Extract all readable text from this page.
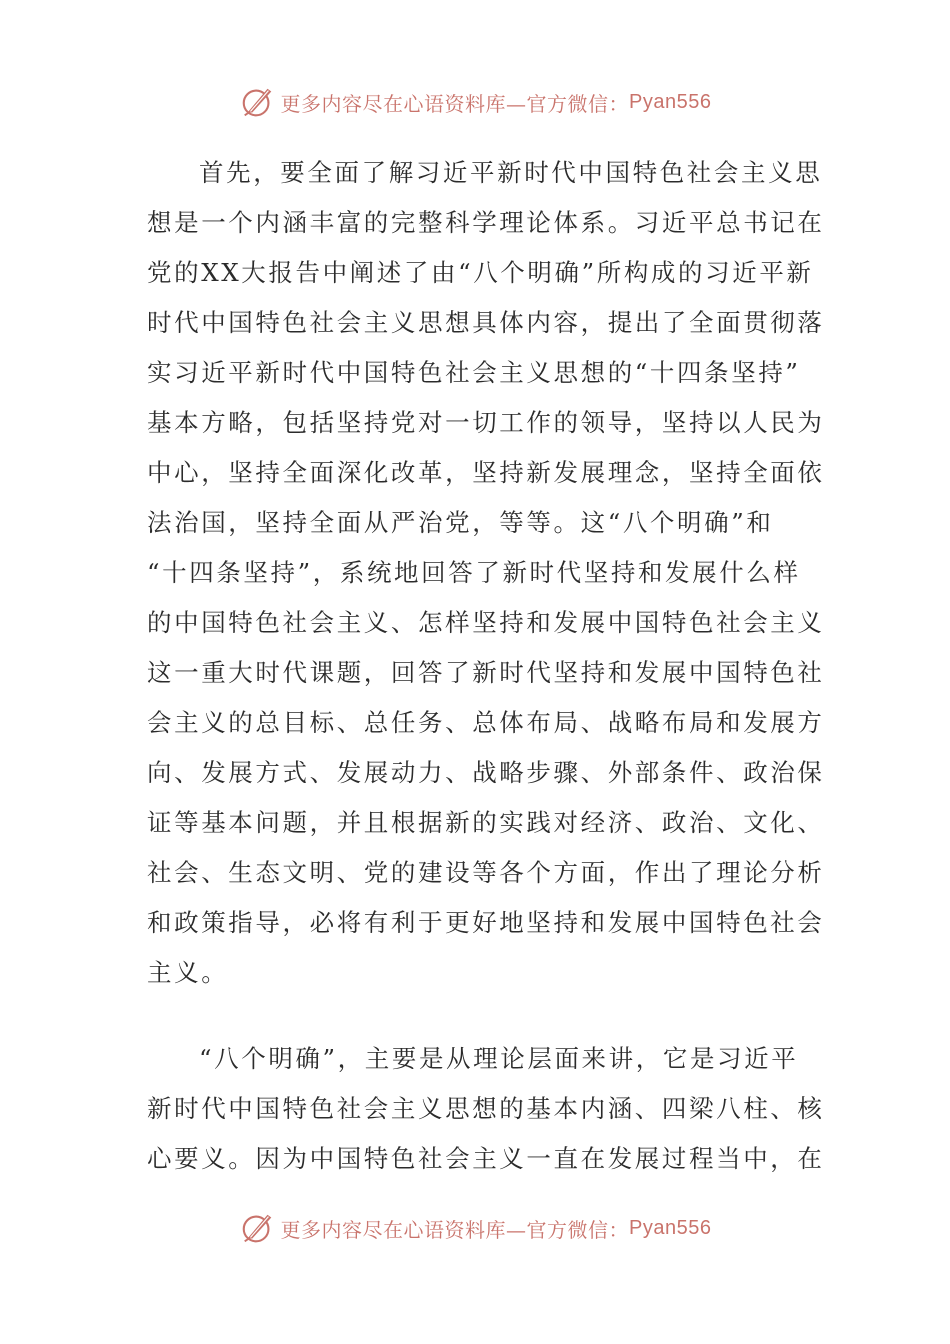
更多内容尽在心语资料库—官方微信： Pyan556

首先，要全面了解习近平新时代中国特色社会主义思
想是一个内涵丰富的完整科学理论体系。习近平总书记在
党的XX大报告中阐述了由“八个明确”所构成的习近平新
时代中国特色社会主义思想具体内容，提出了全面贯彻落
实习近平新时代中国特色社会主义思想的“十四条坚持”
基本方略，包括坚持党对一切工作的领导，坚持以人民为
中心，坚持全面深化改革，坚持新发展理念，坚持全面依
法治国，坚持全面从严治党，等等。这“八个明确”和
“十四条坚持”，系统地回答了新时代坚持和发展什么样
的中国特色社会主义、怎样坚持和发展中国特色社会主义
这一重大时代课题，回答了新时代坚持和发展中国特色社
会主义的总目标、总任务、总体布局、战略布局和发展方
向、发展方式、发展动力、战略步骤、外部条件、政治保
证等基本问题，并且根据新的实践对经济、政治、文化、
社会、生态文明、党的建设等各个方面，作出了理论分析
和政策指导，必将有利于更好地坚持和发展中国特色社会
主义。

“八个明确”，主要是从理论层面来讲，它是习近平
新时代中国特色社会主义思想的基本内涵、四梁八柱、核
心要义。因为中国特色社会主义一直在发展过程当中，在

更多内容尽在心语资料库—官方微信： Pyan556
